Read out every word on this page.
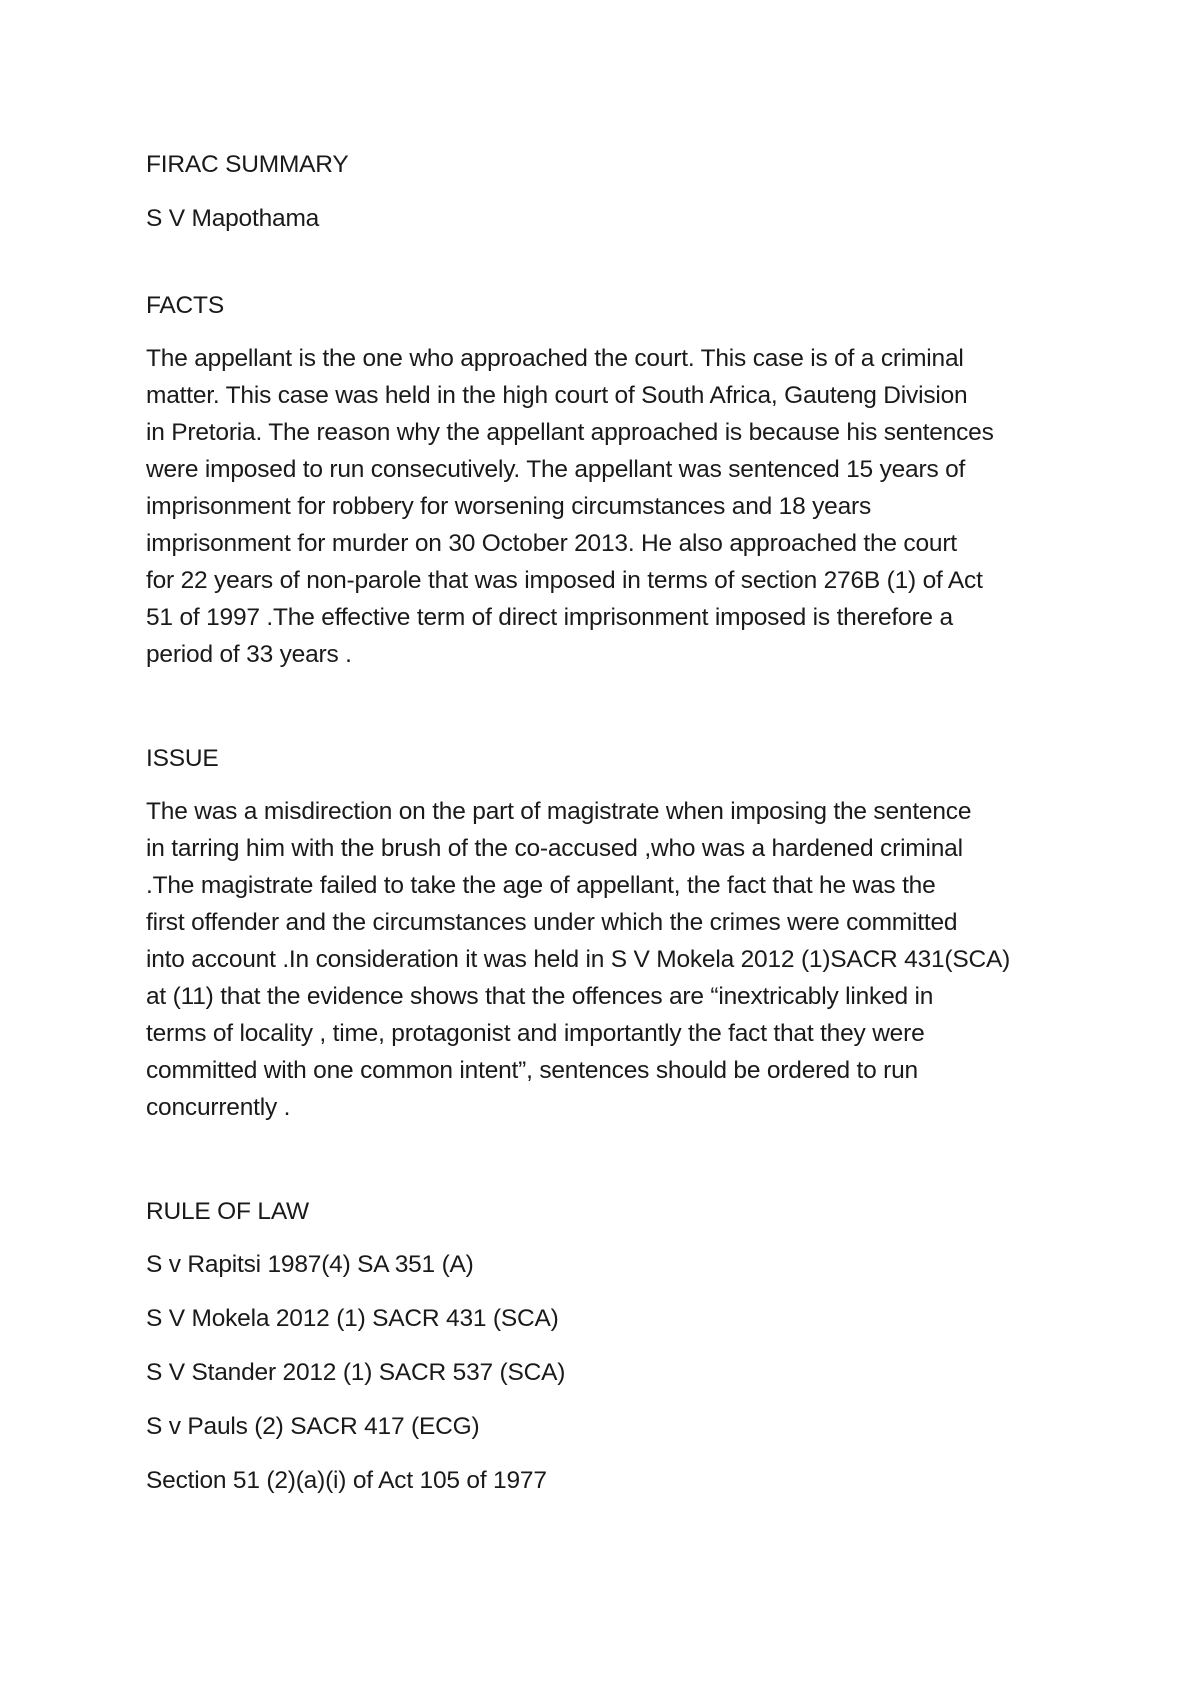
FIRAC SUMMARY

S V Mapothama

FACTS

The appellant is the one who approached the court. This case is of a criminal
matter. This case was held in the high court of South Africa, Gauteng Division
in Pretoria. The reason why the appellant approached is because his sentences
were imposed to run consecutively. The appellant was sentenced 15 years of
imprisonment for robbery for worsening circumstances and 18 years
imprisonment for murder on 30 October 2013. He also approached the court
for 22 years of non-parole that was imposed in terms of section 276B (1) of Act
51 of 1997 .The effective term of direct imprisonment imposed is therefore a
period of 33 years .

ISSUE

The was a misdirection on the part of magistrate when imposing the sentence
in tarring him with the brush of the co-accused ,who was a hardened criminal
.The magistrate failed to take the age of appellant, the fact that he was the
first offender and the circumstances under which the crimes were committed
into account .In consideration it was held in S V Mokela 2012 (1)SACR 431(SCA)
at (11) that the evidence shows that the offences are “inextricably linked in
terms of locality , time, protagonist and importantly the fact that they were
committed with one common intent”, sentences should be ordered to run
concurrently .

RULE OF LAW

S v Rapitsi 1987(4) SA 351 (A)

S V Mokela 2012 (1) SACR 431 (SCA)

S V Stander 2012 (1) SACR 537 (SCA)

S v Pauls (2) SACR 417 (ECG)

Section 51 (2)(a)(i) of Act 105 of 1977
